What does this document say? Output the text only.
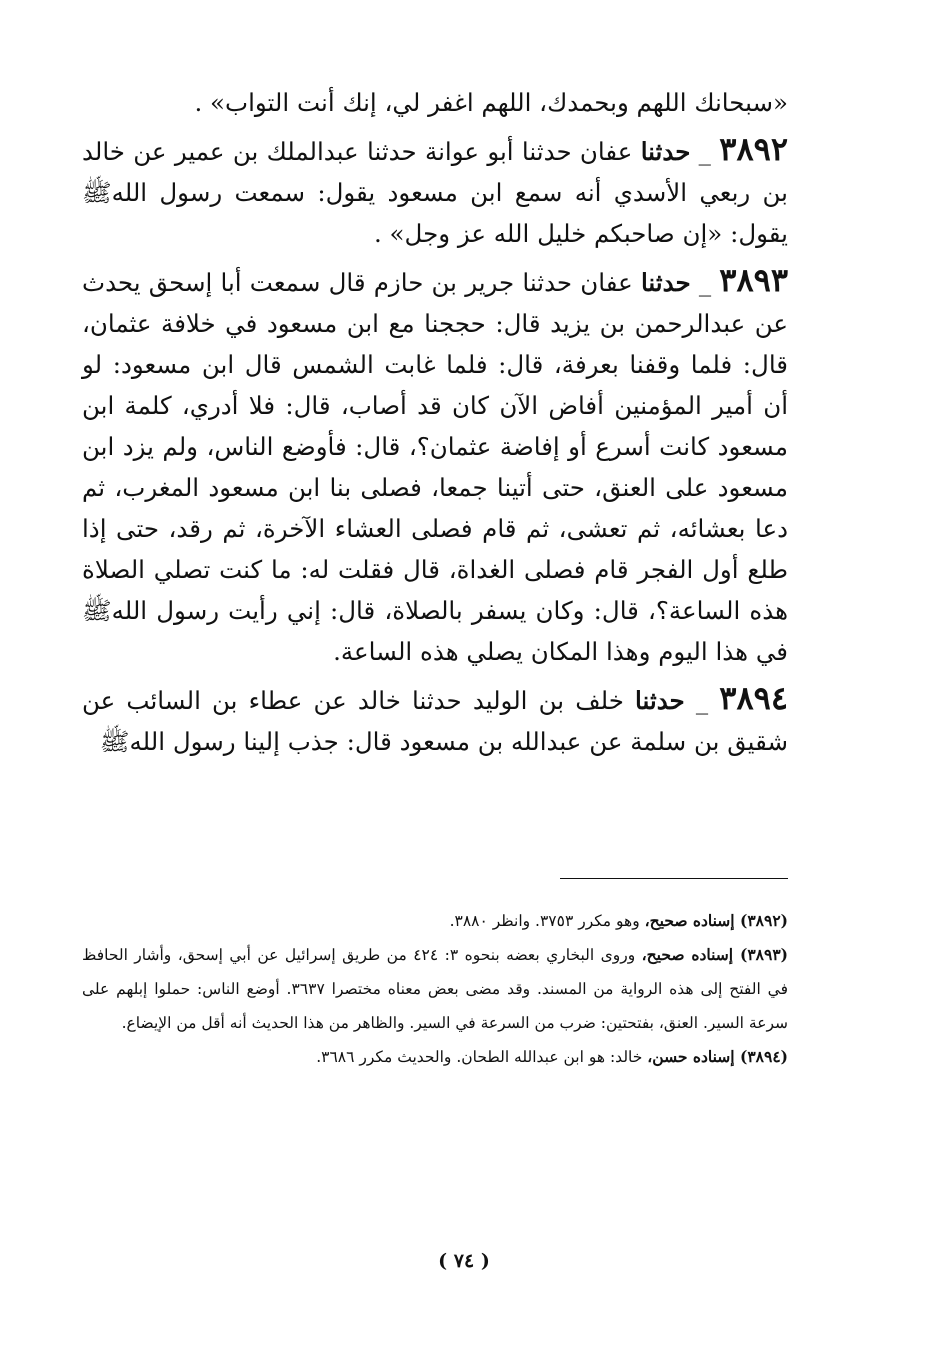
«سبحانك اللهم وبحمدك، اللهم اغفر لي، إنك أنت التواب» .

٣٨٩٢ _ حدثنا عفان حدثنا أبو عوانة حدثنا عبدالملك بن عمير عن خالد بن ربعي الأسدي أنه سمع ابن مسعود يقول: سمعت رسول اللهﷺ يقول: «إن صاحبكم خليل الله عز وجل» .

٣٨٩٣ _ حدثنا عفان حدثنا جرير بن حازم قال سمعت أبا إسحق يحدث عن عبدالرحمن بن يزيد قال: حججنا مع ابن مسعود في خلافة عثمان، قال: فلما وقفنا بعرفة، قال: فلما غابت الشمس قال ابن مسعود: لو أن أمير المؤمنين أفاض الآن كان قد أصاب، قال: فلا أدري، كلمة ابن مسعود كانت أسرع أو إفاضة عثمان؟، قال: فأوضع الناس، ولم يزد ابن مسعود على العنق، حتى أتينا جمعا، فصلى بنا ابن مسعود المغرب، ثم دعا بعشائه، ثم تعشى، ثم قام فصلى العشاء الآخرة، ثم رقد، حتى إذا طلع أول الفجر قام فصلى الغداة، قال فقلت له: ما كنت تصلي الصلاة هذه الساعة؟، قال: وكان يسفر بالصلاة، قال: إني رأيت رسول اللهﷺ في هذا اليوم وهذا المكان يصلي هذه الساعة.

٣٨٩٤ _ حدثنا خلف بن الوليد حدثنا خالد عن عطاء بن السائب عن شقيق بن سلمة عن عبدالله بن مسعود قال: جذب إلينا رسول اللهﷺ

(٣٨٩٢) إسناده صحيح، وهو مكرر ٣٧٥٣. وانظر ٣٨٨٠.

(٣٨٩٣) إسناده صحيح، وروى البخاري بعضه بنحوه ٣: ٤٢٤ من طريق إسرائيل عن أبي إسحق، وأشار الحافظ في الفتح إلى هذه الرواية من المسند. وقد مضى بعض معناه مختصرا ٣٦٣٧. أوضع الناس: حملوا إبلهم على سرعة السير. العنق، بفتحتين: ضرب من السرعة في السير. والظاهر من هذا الحديث أنه أقل من الإيضاع.

(٣٨٩٤) إسناده حسن، خالد: هو ابن عبدالله الطحان. والحديث مكرر ٣٦٨٦.

( ٧٤ )
